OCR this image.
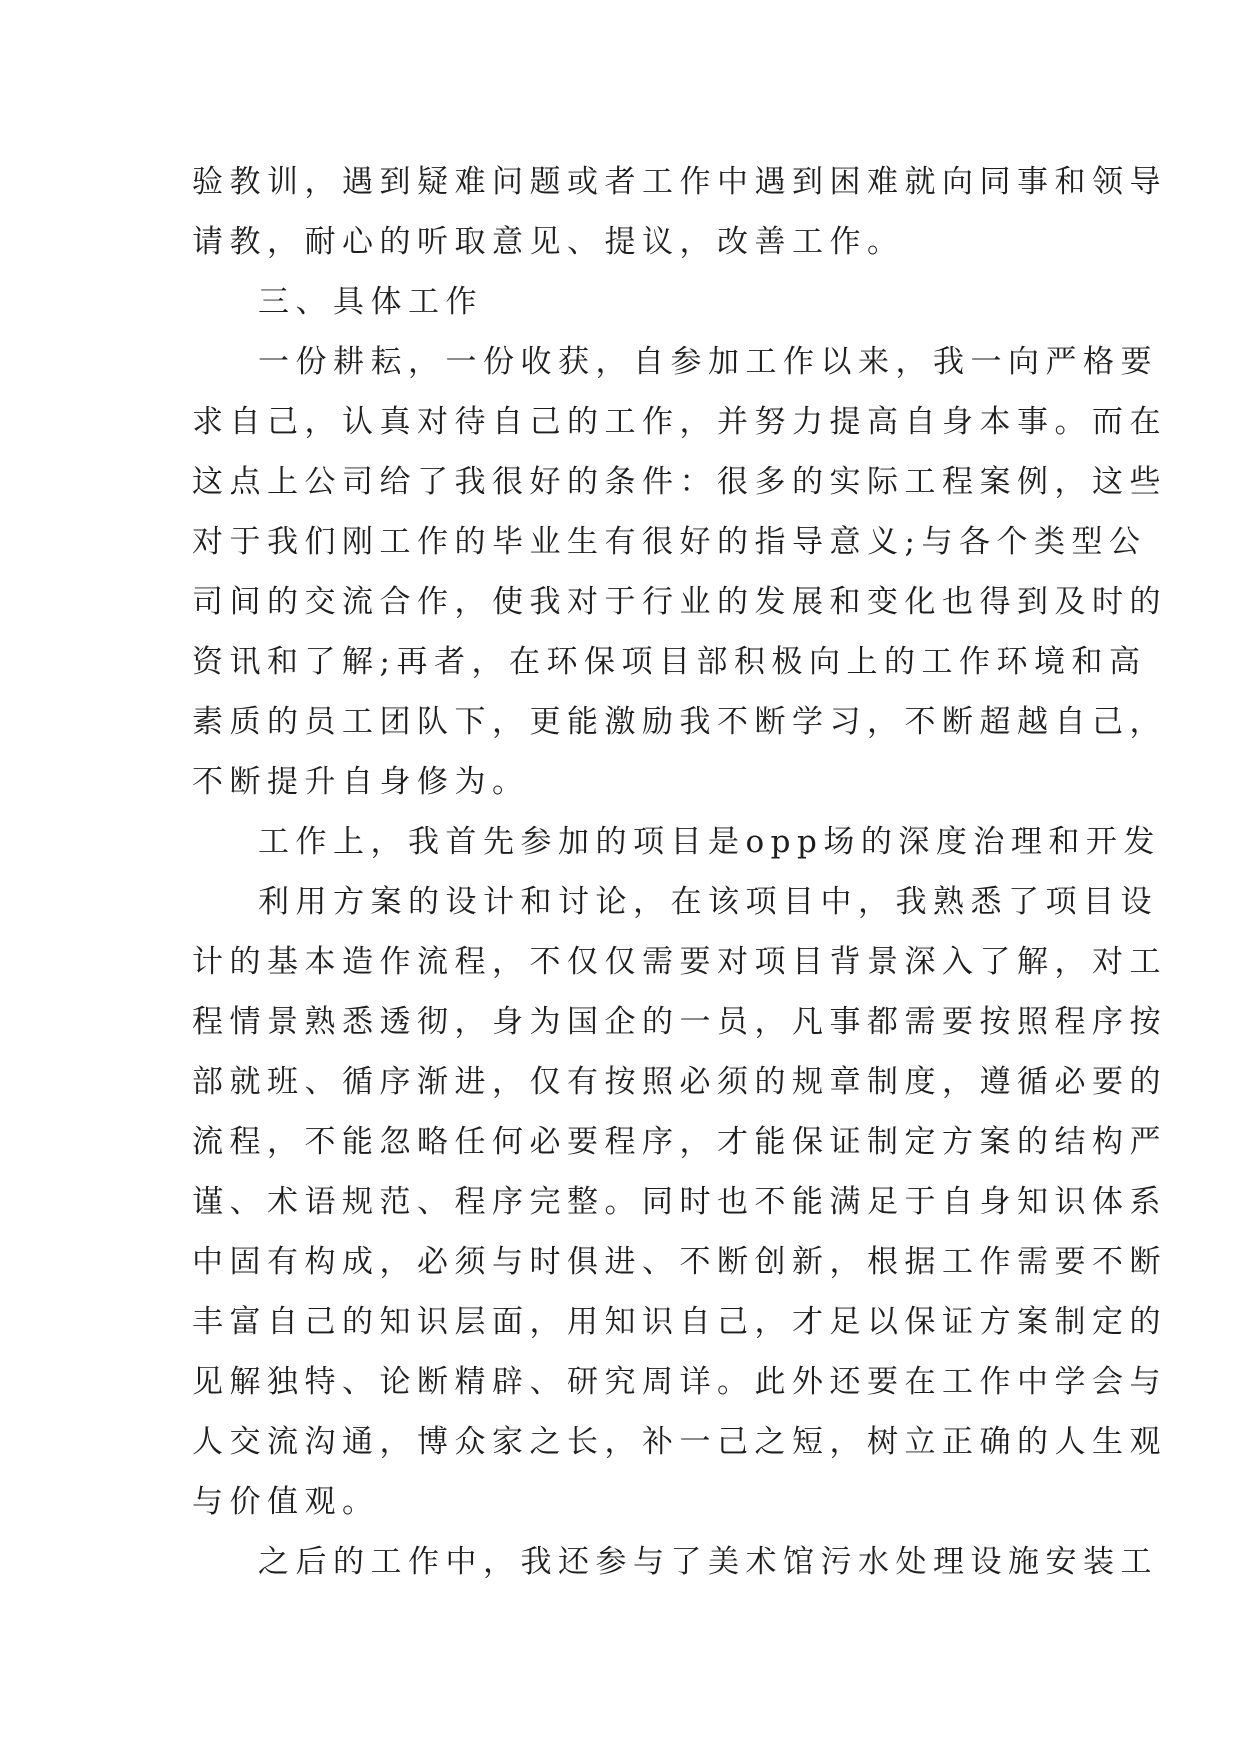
验教训，遇到疑难问题或者工作中遇到困难就向同事和领导
请教，耐心的听取意见、提议，改善工作。
三、具体工作
一份耕耘，一份收获，自参加工作以来，我一向严格要
求自己，认真对待自己的工作，并努力提高自身本事。而在
这点上公司给了我很好的条件：很多的实际工程案例，这些
对于我们刚工作的毕业生有很好的指导意义;与各个类型公
司间的交流合作，使我对于行业的发展和变化也得到及时的
资讯和了解;再者，在环保项目部积极向上的工作环境和高
素质的员工团队下，更能激励我不断学习，不断超越自己，
不断提升自身修为。
工作上，我首先参加的项目是opp场的深度治理和开发
利用方案的设计和讨论，在该项目中，我熟悉了项目设
计的基本造作流程，不仅仅需要对项目背景深入了解，对工
程情景熟悉透彻，身为国企的一员，凡事都需要按照程序按
部就班、循序渐进，仅有按照必须的规章制度，遵循必要的
流程，不能忽略任何必要程序，才能保证制定方案的结构严
谨、术语规范、程序完整。同时也不能满足于自身知识体系
中固有构成，必须与时俱进、不断创新，根据工作需要不断
丰富自己的知识层面，用知识自己，才足以保证方案制定的
见解独特、论断精辟、研究周详。此外还要在工作中学会与
人交流沟通，博众家之长，补一己之短，树立正确的人生观
与价值观。
之后的工作中，我还参与了美术馆污水处理设施安装工
